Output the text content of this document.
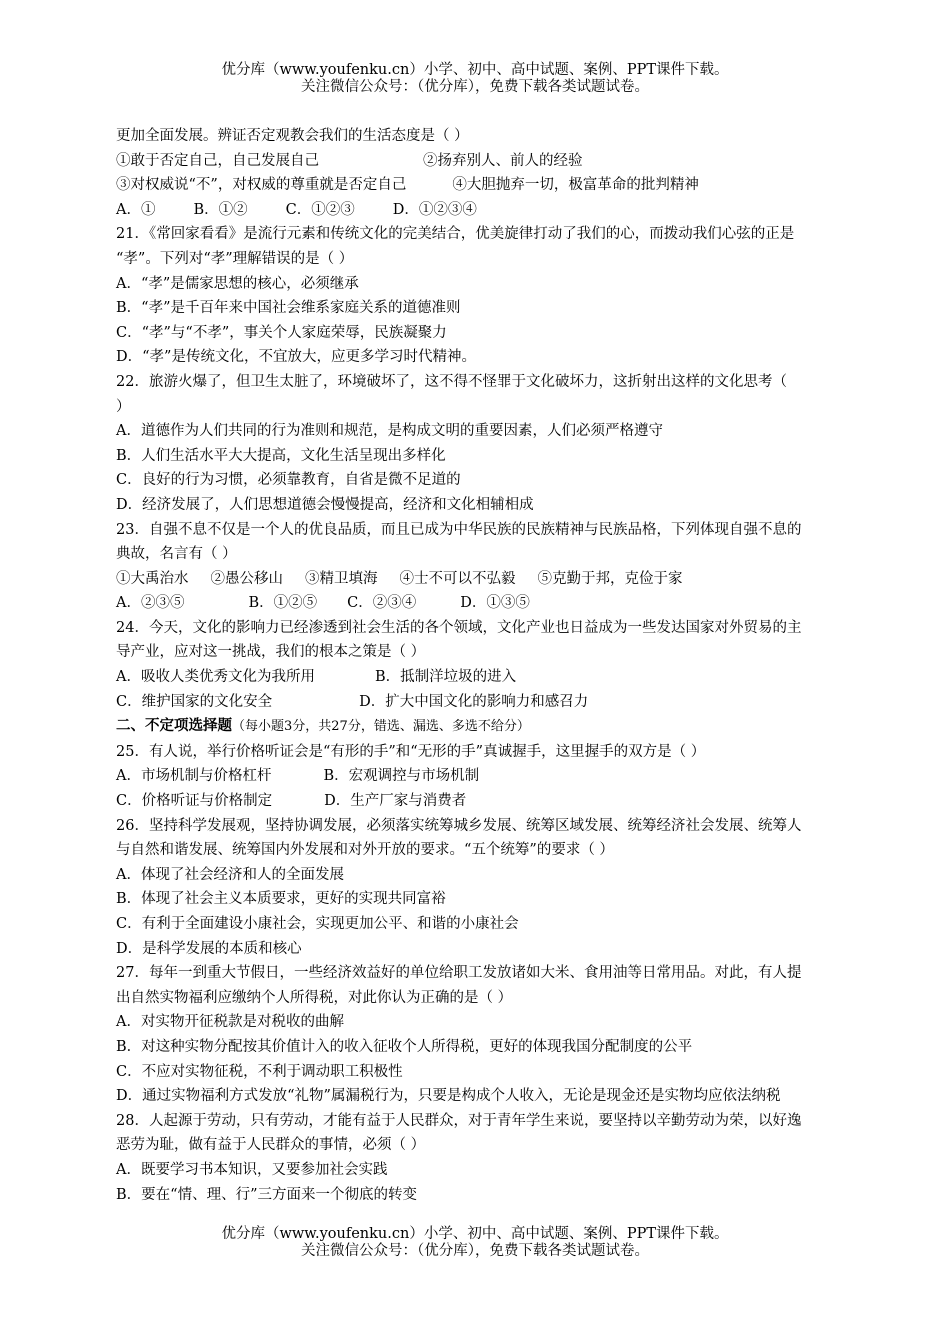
优分库（www.youfenku.cn）小学、初中、高中试题、案例、PPT课件下载。
关注微信公众号：（优分库），免费下载各类试题试卷。
更加全面发展。辨证否定观教会我们的生活态度是（ ）
①敢于否定自己，自己发展自己	②扬弃别人、前人的经验
③对权威说“不”，对权威的尊重就是否定自己	④大胆抛弃一切，极富革命的批判精神
A．①	B．①②	C．①②③	D．①②③④
21．《常回家看看》是流行元素和传统文化的完美结合，优美旋律打动了我们的心，而拨动我们心弦的正是
“孝”。下列对“孝”理解错误的是（ ）
A．“孝”是儒家思想的核心，必须继承
B．“孝”是千百年来中国社会维系家庭关系的道德准则
C．“孝”与“不孝”，事关个人家庭荣辱，民族凝聚力
D．“孝”是传统文化，不宜放大，应更多学习时代精神。
22．旅游火爆了，但卫生太脏了，环境破坏了，这不得不怪罪于文化破坏力，这折射出这样的文化思考（
）
A．道德作为人们共同的行为准则和规范，是构成文明的重要因素，人们必须严格遵守
B．人们生活水平大大提高，文化生活呈现出多样化
C．良好的行为习惯，必须靠教育，自省是微不足道的
D．经济发展了，人们思想道德会慢慢提高，经济和文化相辅相成
23．自强不息不仅是一个人的优良品质，而且已成为中华民族的民族精神与民族品格，下列体现自强不息的
典故，名言有（ ）
①大禹治水 ②愚公移山 ③精卫填海 ④士不可以不弘毅 ⑤克勤于邦，克俭于家
A．②③⑤	B．①②⑤ C．②③④	D．①③⑤
24．今天，文化的影响力已经渗透到社会生活的各个领域，文化产业也日益成为一些发达国家对外贸易的主
导产业，应对这一挑战，我们的根本之策是（ ）
A．吸收人类优秀文化为我所用	B．抵制洋垃圾的进入
C．维护国家的文化安全	D．扩大中国文化的影响力和感召力
二、不定项选择题（每小题3分，共27分，错选、漏选、多选不给分）
25．有人说，举行价格听证会是“有形的手”和“无形的手”真诚握手，这里握手的双方是（ ）
A．市场机制与价格杠杆	B．宏观调控与市场机制
C．价格听证与价格制定	D．生产厂家与消费者
26．坚持科学发展观，坚持协调发展，必须落实统筹城乡发展、统筹区域发展、统筹经济社会发展、统筹人
与自然和谐发展、统筹国内外发展和对外开放的要求。“五个统筹”的要求（ ）
A．体现了社会经济和人的全面发展
B．体现了社会主义本质要求，更好的实现共同富裕
C．有利于全面建设小康社会，实现更加公平、和谐的小康社会
D．是科学发展的本质和核心
27．每年一到重大节假日，一些经济效益好的单位给职工发放诸如大米、食用油等日常用品。对此，有人提
出自然实物福利应缴纳个人所得税，对此你认为正确的是（ ）
A．对实物开征税款是对税收的曲解
B．对这种实物分配按其价值计入的收入征收个人所得税，更好的体现我国分配制度的公平
C．不应对实物征税，不利于调动职工积极性
D．通过实物福利方式发放“礼物”属漏税行为，只要是构成个人收入，无论是现金还是实物均应依法纳税
28．人起源于劳动，只有劳动，才能有益于人民群众，对于青年学生来说，要坚持以辛勤劳动为荣，以好逸
恶劳为耻，做有益于人民群众的事情，必须（ ）
A．既要学习书本知识，又要参加社会实践
B．要在“情、理、行”三方面来一个彻底的转变
优分库（www.youfenku.cn）小学、初中、高中试题、案例、PPT课件下载。
关注微信公众号：（优分库），免费下载各类试题试卷。
